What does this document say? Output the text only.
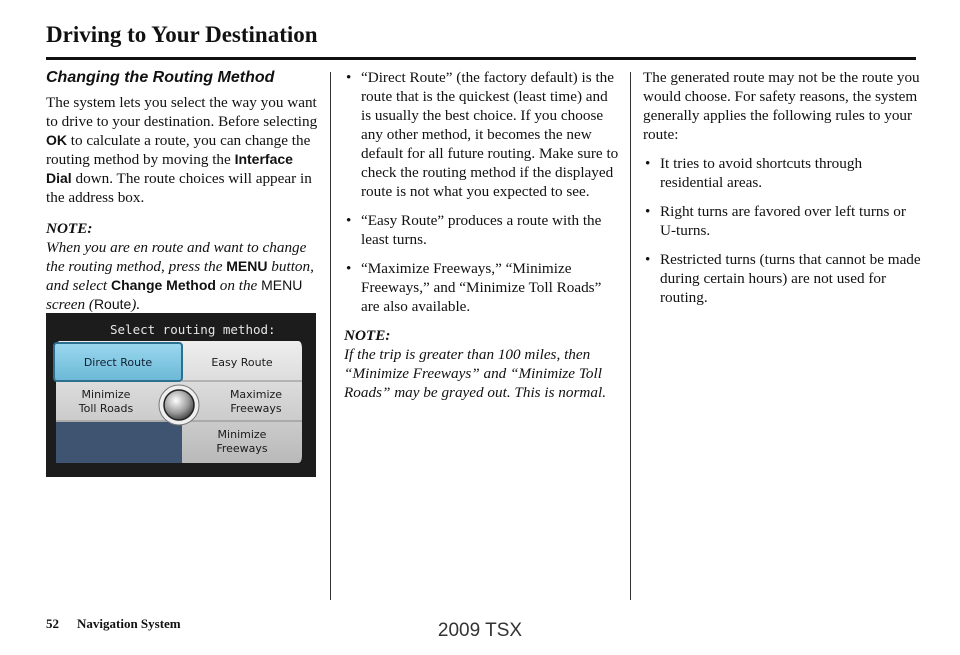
Driving to Your Destination
Changing the Routing Method

The system lets you select the way you want to drive to your destination. Before selecting OK to calculate a route, you can change the routing method by moving the Interface Dial down. The route choices will appear in the address box.

NOTE:

When you are en route and want to change the routing method, press the MENU button, and select Change Method on the MENU screen (Route).

Select routing method:
Direct Route	Easy Route
Minimize
Toll Roads
Maximize
Freeways
Minimize
Freeways
• “Direct Route” (the factory default) is the route that is the quickest (least time) and is usually the best choice. If you choose any other method, it becomes the new default for all future routing. Make sure to check the routing method if the displayed route is not what you expected to see.
• “Easy Route” produces a route with the least turns.
• “Maximize Freeways,” “Minimize Freeways,” and “Minimize Toll Roads” are also available.

NOTE:

If the trip is greater than 100 miles, then “Minimize Freeways” and “Minimize Toll Roads” may be grayed out. This is normal.

The generated route may not be the route you would choose. For safety reasons, the system generally applies the following rules to your route:

• It tries to avoid shortcuts through residential areas.
• Right turns are favored over left turns or U-turns.
• Restricted turns (turns that cannot be made during certain hours) are not used for routing.
52 Navigation System	2009 TSX
